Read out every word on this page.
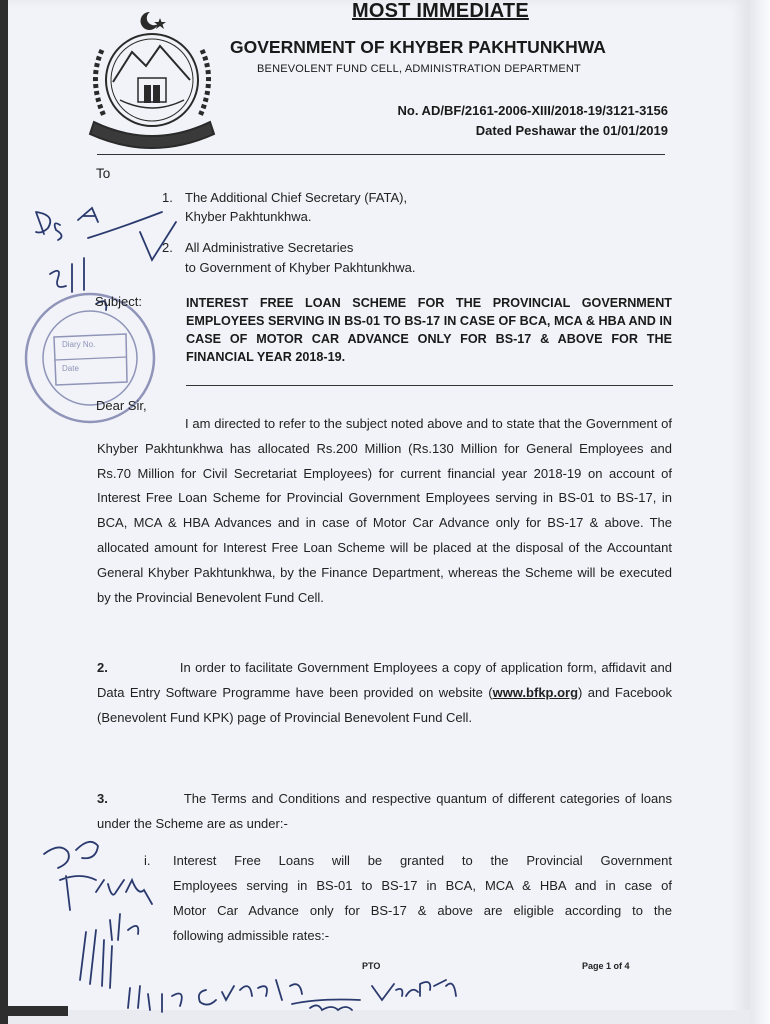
MOST IMMEDIATE
GOVERNMENT OF KHYBER PAKHTUNKHWA
BENEVOLENT FUND CELL, ADMINISTRATION DEPARTMENT
No. AD/BF/2161-2006-XIII/2018-19/3121-3156
Dated Peshawar the 01/01/2019
To
1. The Additional Chief Secretary (FATA),
Khyber Pakhtunkhwa.
2. All Administrative Secretaries
to Government of Khyber Pakhtunkhwa.
Subject:	INTEREST FREE LOAN SCHEME FOR THE PROVINCIAL GOVERNMENT EMPLOYEES SERVING IN BS-01 TO BS-17 IN CASE OF BCA, MCA & HBA AND IN CASE OF MOTOR CAR ADVANCE ONLY FOR BS-17 & ABOVE FOR THE FINANCIAL YEAR 2018-19.
Diary No.
Date
Dear Sir,
I am directed to refer to the subject noted above and to state that the Government of Khyber Pakhtunkhwa has allocated Rs.200 Million (Rs.130 Million for General Employees and Rs.70 Million for Civil Secretariat Employees) for current financial year 2018-19 on account of Interest Free Loan Scheme for Provincial Government Employees serving in BS-01 to BS-17, in BCA, MCA & HBA Advances and in case of Motor Car Advance only for BS-17 & above. The allocated amount for Interest Free Loan Scheme will be placed at the disposal of the Accountant General Khyber Pakhtunkhwa, by the Finance Department, whereas the Scheme will be executed by the Provincial Benevolent Fund Cell.
2.	In order to facilitate Government Employees a copy of application form, affidavit and Data Entry Software Programme have been provided on website (www.bfkp.org) and Facebook (Benevolent Fund KPK) page of Provincial Benevolent Fund Cell.
3.	The Terms and Conditions and respective quantum of different categories of loans under the Scheme are as under:-
i. Interest Free Loans will be granted to the Provincial Government
Employees serving in BS-01 to BS-17 in BCA, MCA & HBA and in case of
Motor Car Advance only for BS-17 & above are eligible according to the
following admissible rates:-
PTO	Page 1 of 4
